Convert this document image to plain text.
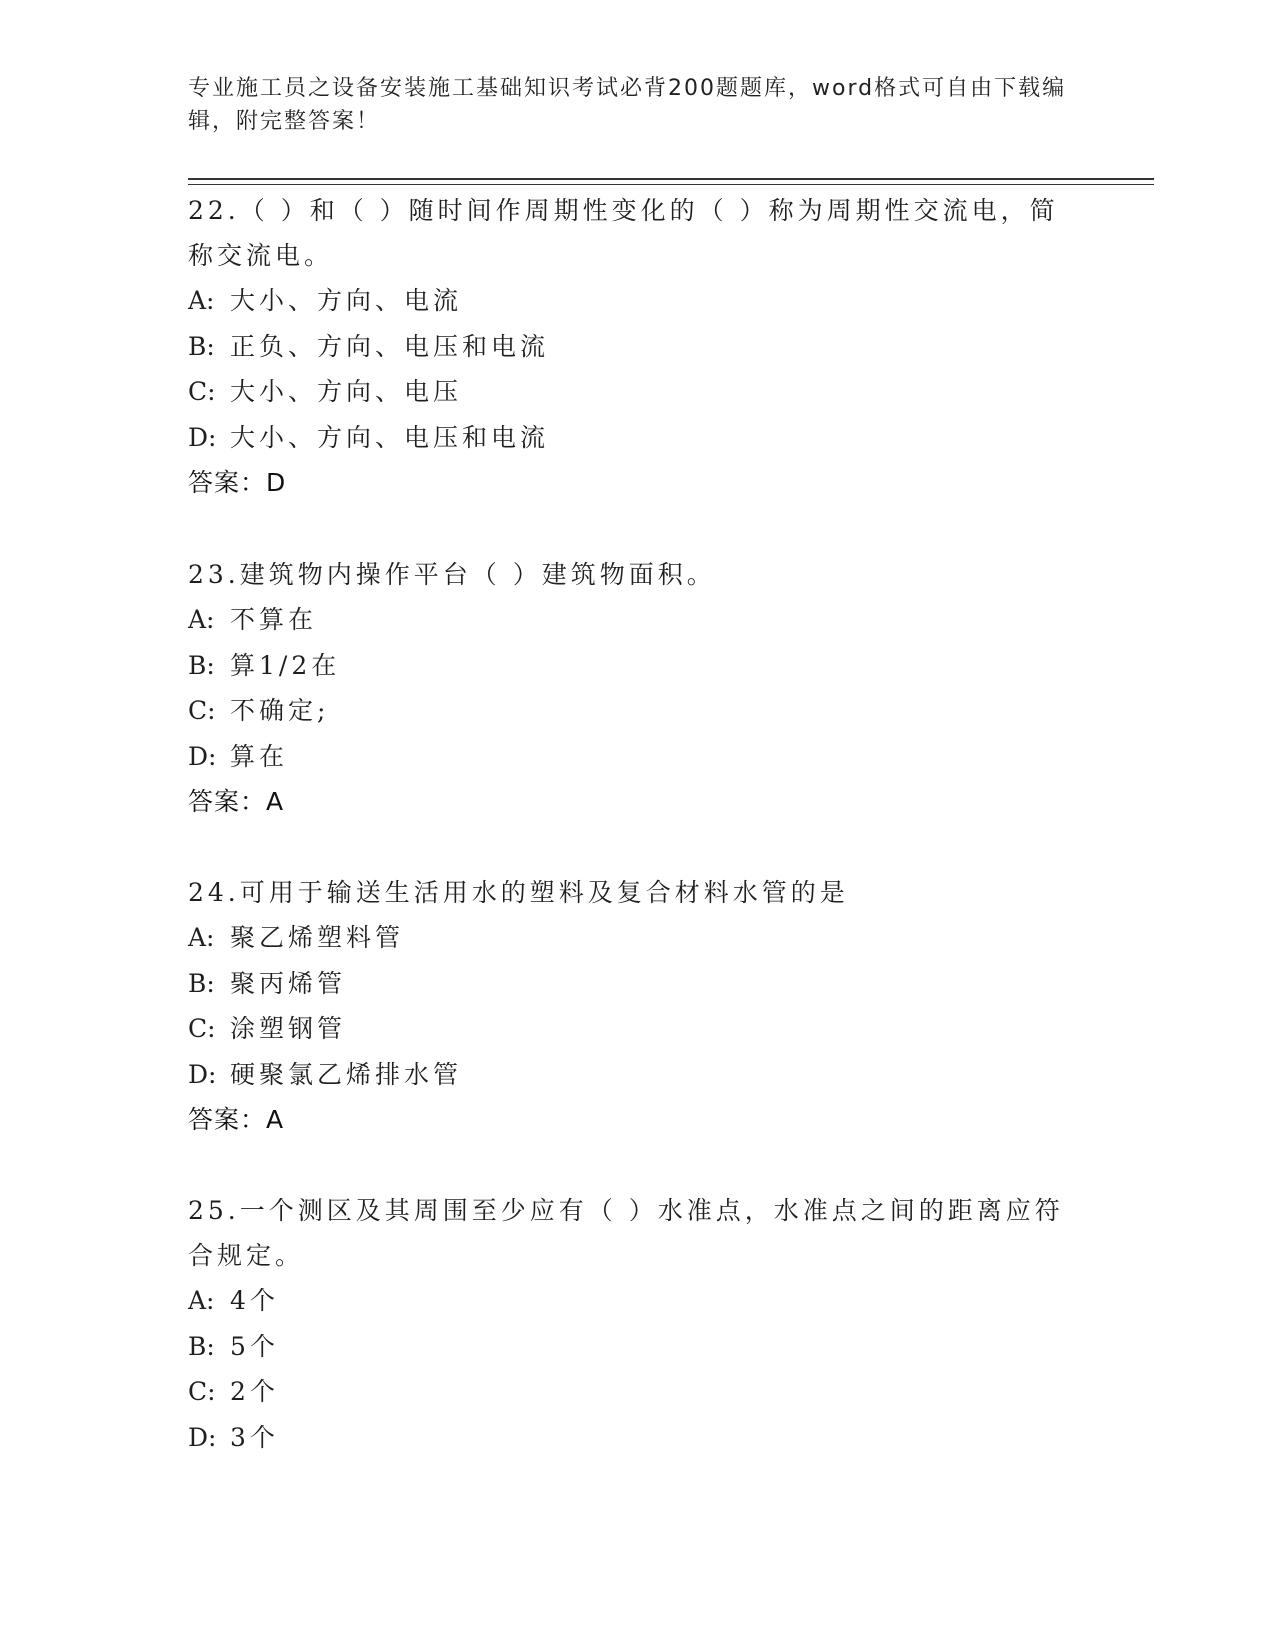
专业施工员之设备安装施工基础知识考试必背200题题库，word格式可自由下载编辑，附完整答案！
22.（ ）和（ ）随时间作周期性变化的（ ）称为周期性交流电，简称交流电。
A: 大小、方向、电流
B: 正负、方向、电压和电流
C: 大小、方向、电压
D: 大小、方向、电压和电流
答案：D
23.建筑物内操作平台（ ）建筑物面积。
A: 不算在
B: 算1/2在
C: 不确定;
D: 算在
答案：A
24.可用于输送生活用水的塑料及复合材料水管的是
A: 聚乙烯塑料管
B: 聚丙烯管
C: 涂塑钢管
D: 硬聚氯乙烯排水管
答案：A
25.一个测区及其周围至少应有（ ）水准点，水准点之间的距离应符合规定。
A: 4个
B: 5个
C: 2个
D: 3个
